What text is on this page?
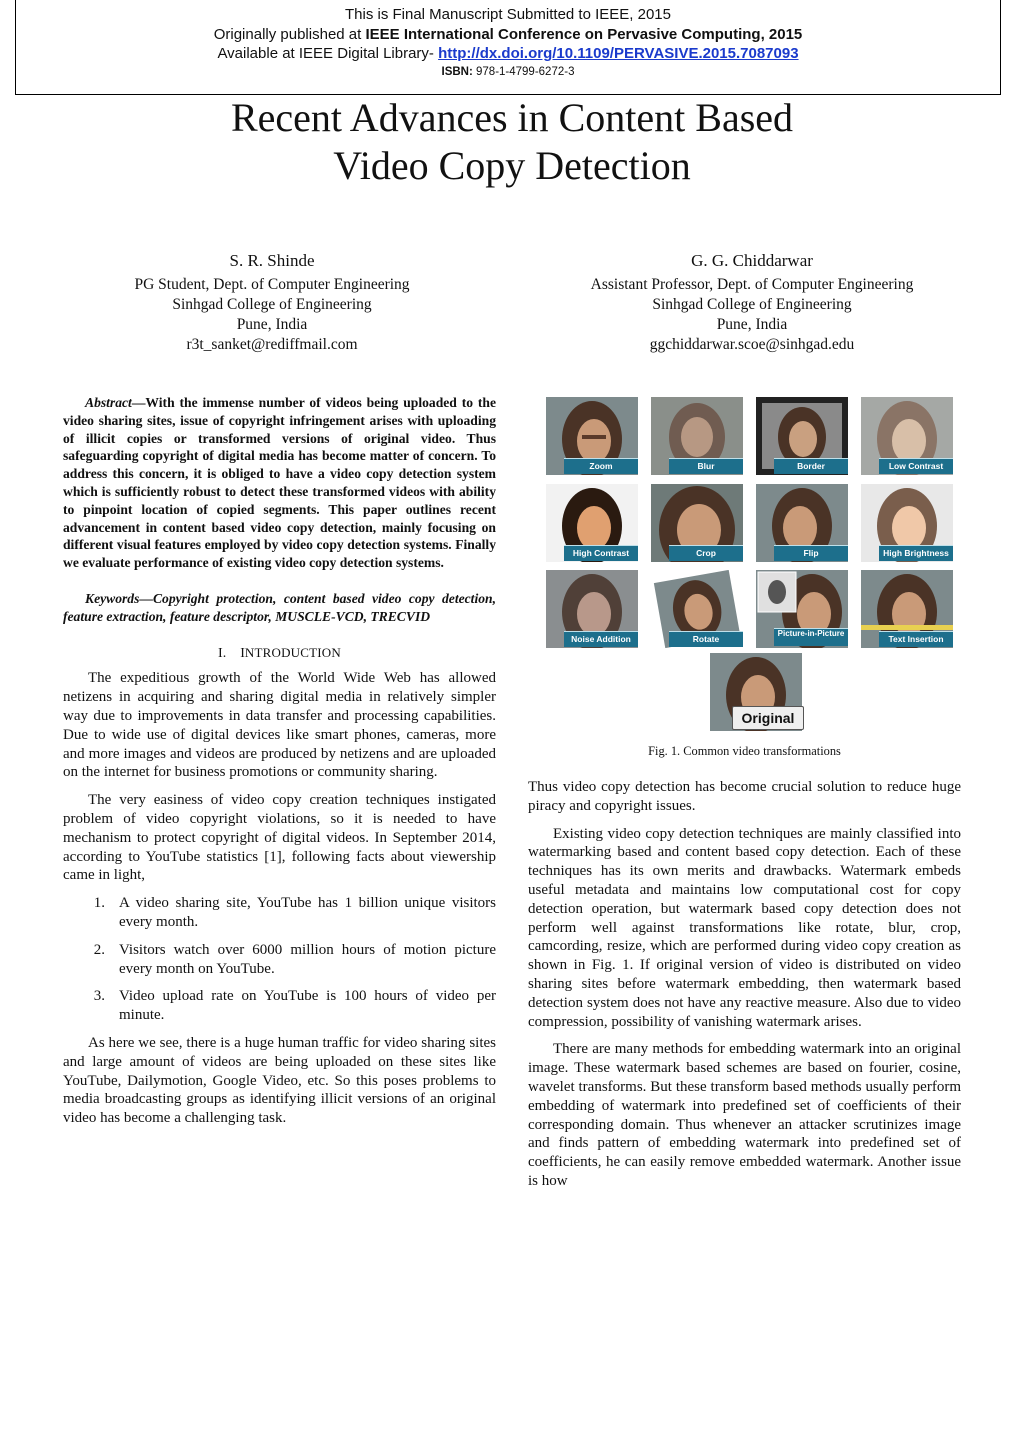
This is Final Manuscript Submitted to IEEE, 2015
Originally published at IEEE International Conference on Pervasive Computing, 2015
Available at IEEE Digital Library- http://dx.doi.org/10.1109/PERVASIVE.2015.7087093
ISBN: 978-1-4799-6272-3
Recent Advances in Content Based
Video Copy Detection
S. R. Shinde
PG Student, Dept. of Computer Engineering
Sinhgad College of Engineering
Pune, India
r3t_sanket@rediffmail.com
G. G. Chiddarwar
Assistant Professor, Dept. of Computer Engineering
Sinhgad College of Engineering
Pune, India
ggchiddarwar.scoe@sinhgad.edu

Abstract—With the immense number of videos being uploaded to the video sharing sites, issue of copyright infringement arises with uploading of illicit copies or transformed versions of original video. Thus safeguarding copyright of digital media has become matter of concern. To address this concern, it is obliged to have a video copy detection system which is sufficiently robust to detect these transformed videos with ability to pinpoint location of copied segments. This paper outlines recent advancement in content based video copy detection, mainly focusing on different visual features employed by video copy detection systems. Finally we evaluate performance of existing video copy detection systems.

Keywords—Copyright protection, content based video copy detection, feature extraction, feature descriptor, MUSCLE-VCD, TRECVID

I. INTRODUCTION

The expeditious growth of the World Wide Web has allowed netizens in acquiring and sharing digital media in relatively simpler way due to improvements in data transfer and processing capabilities. Due to wide use of digital devices like smart phones, cameras, more and more images and videos are produced by netizens and are uploaded on the internet for business promotions or community sharing.

The very easiness of video copy creation techniques instigated problem of video copyright violations, so it is needed to have mechanism to protect copyright of digital videos. In September 2014, according to YouTube statistics [1], following facts about viewership came in light,

1. A video sharing site, YouTube has 1 billion unique visitors every month.
2. Visitors watch over 6000 million hours of motion picture every month on YouTube.
3. Video upload rate on YouTube is 100 hours of video per minute.

As here we see, there is a huge human traffic for video sharing sites and large amount of videos are being uploaded on these sites like YouTube, Dailymotion, Google Video, etc. So this poses problems to media broadcasting groups as identifying illicit versions of an original video has become a challenging task.

Zoom	Blur	Border	Low Contrast
High Contrast	Crop	Flip	High Brightness
Noise Addition	Rotate
Picture-in-Picture
Text Insertion
Original
Fig. 1. Common video transformations

Thus video copy detection has become crucial solution to reduce huge piracy and copyright issues.

Existing video copy detection techniques are mainly classified into watermarking based and content based copy detection. Each of these techniques has its own merits and drawbacks. Watermark embeds useful metadata and maintains low computational cost for copy detection operation, but watermark based copy detection does not perform well against transformations like rotate, blur, crop, camcording, resize, which are performed during video copy creation as shown in Fig. 1. If original version of video is distributed on video sharing sites before watermark embedding, then watermark based detection system does not have any reactive measure. Also due to video compression, possibility of vanishing watermark arises.

There are many methods for embedding watermark into an original image. These watermark based schemes are based on fourier, cosine, wavelet transforms. But these transform based methods usually perform embedding of watermark into predefined set of coefficients of their corresponding domain. Thus whenever an attacker scrutinizes image and finds pattern of embedding watermark into predefined set of coefficients, he can easily remove embedded watermark. Another issue is how
